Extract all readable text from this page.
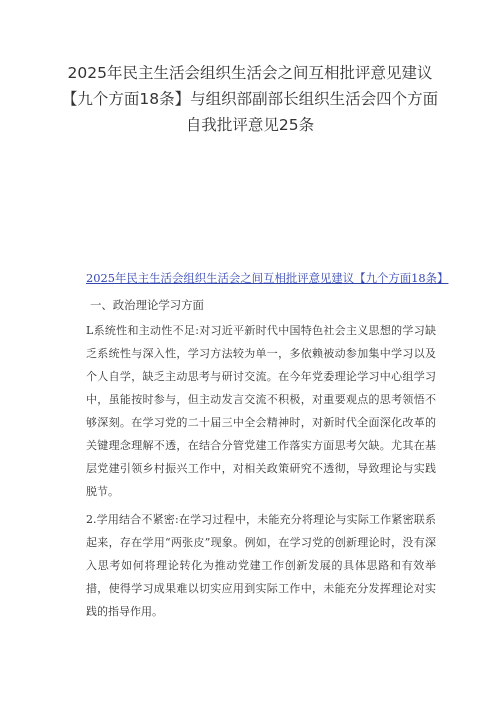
2025年民主生活会组织生活会之间互相批评意见建议【九个方面18条】与组织部副部长组织生活会四个方面自我批评意见25条
2025年民主生活会组织生活会之间互相批评意见建议【九个方面18条】
一、政治理论学习方面

L系统性和主动性不足:对习近平新时代中国特色社会主义思想的学习缺乏系统性与深入性，学习方法较为单一，多依赖被动参加集中学习以及个人自学，缺乏主动思考与研讨交流。在今年党委理论学习中心组学习中，虽能按时参与，但主动发言交流不积极，对重要观点的思考领悟不够深刻。在学习党的二十届三中全会精神时，对新时代全面深化改革的关键理念理解不透，在结合分管党建工作落实方面思考欠缺。尤其在基层党建引领乡村振兴工作中，对相关政策研究不透彻，导致理论与实践脱节。

2.学用结合不紧密:在学习过程中，未能充分将理论与实际工作紧密联系起来，存在学用“两张皮”现象。例如，在学习党的创新理论时，没有深入思考如何将理论转化为推动党建工作创新发展的具体思路和有效举措，使得学习成果难以切实应用到实际工作中，未能充分发挥理论对实践的指导作用。
